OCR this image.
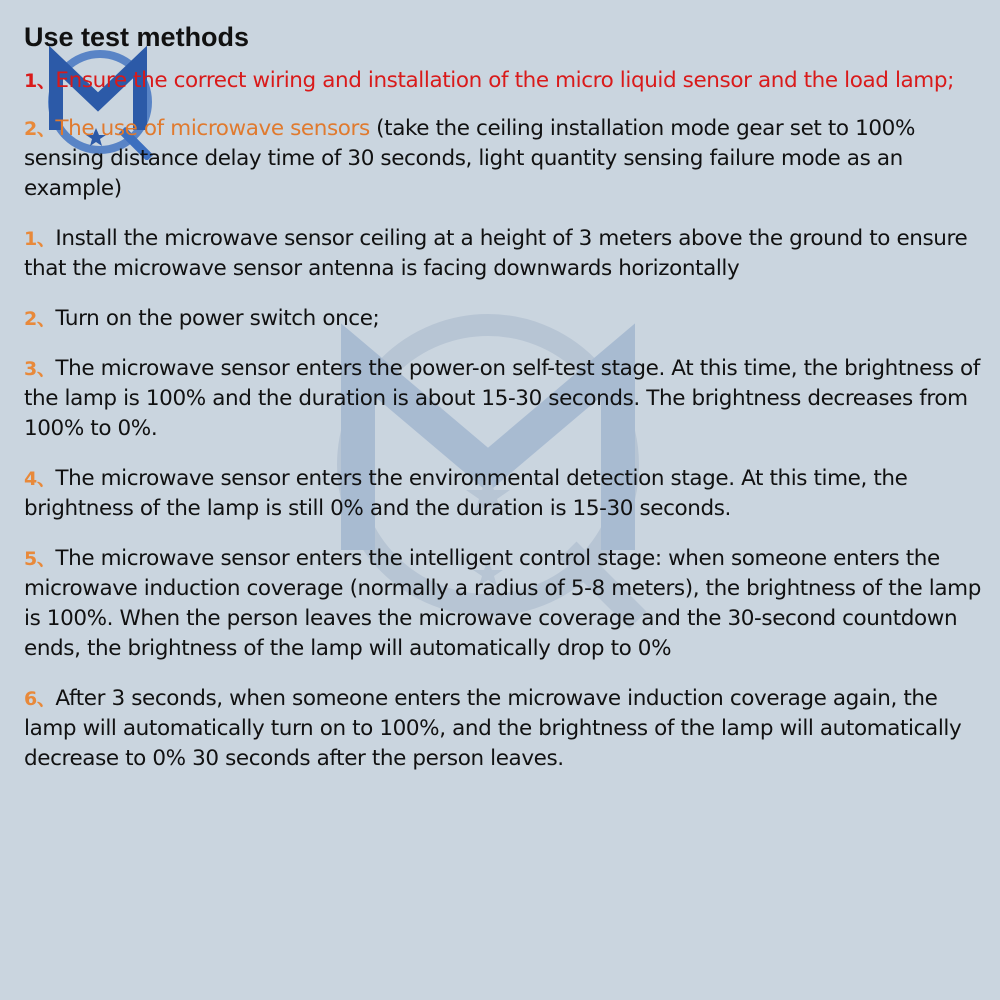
Use test methods

1、Ensure the correct wiring and installation of the micro liquid sensor and the load lamp;

2、The use of microwave sensors (take the ceiling installation mode gear set to 100% sensing distance delay time of 30 seconds, light quantity sensing failure mode as an example)

1、Install the microwave sensor ceiling at a height of 3 meters above the ground to ensure that the microwave sensor antenna is facing downwards horizontally

2、Turn on the power switch once;

3、The microwave sensor enters the power-on self-test stage. At this time, the brightness of the lamp is 100% and the duration is about 15-30 seconds. The brightness decreases from 100% to 0%.

4、The microwave sensor enters the environmental detection stage. At this time, the brightness of the lamp is still 0% and the duration is 15-30 seconds.

5、The microwave sensor enters the intelligent control stage: when someone enters the microwave induction coverage (normally a radius of 5-8 meters), the brightness of the lamp is 100%. When the person leaves the microwave coverage and the 30-second countdown ends, the brightness of the lamp will automatically drop to 0%

6、After 3 seconds, when someone enters the microwave induction coverage again, the lamp will automatically turn on to 100%, and the brightness of the lamp will automatically decrease to 0% 30 seconds after the person leaves.
